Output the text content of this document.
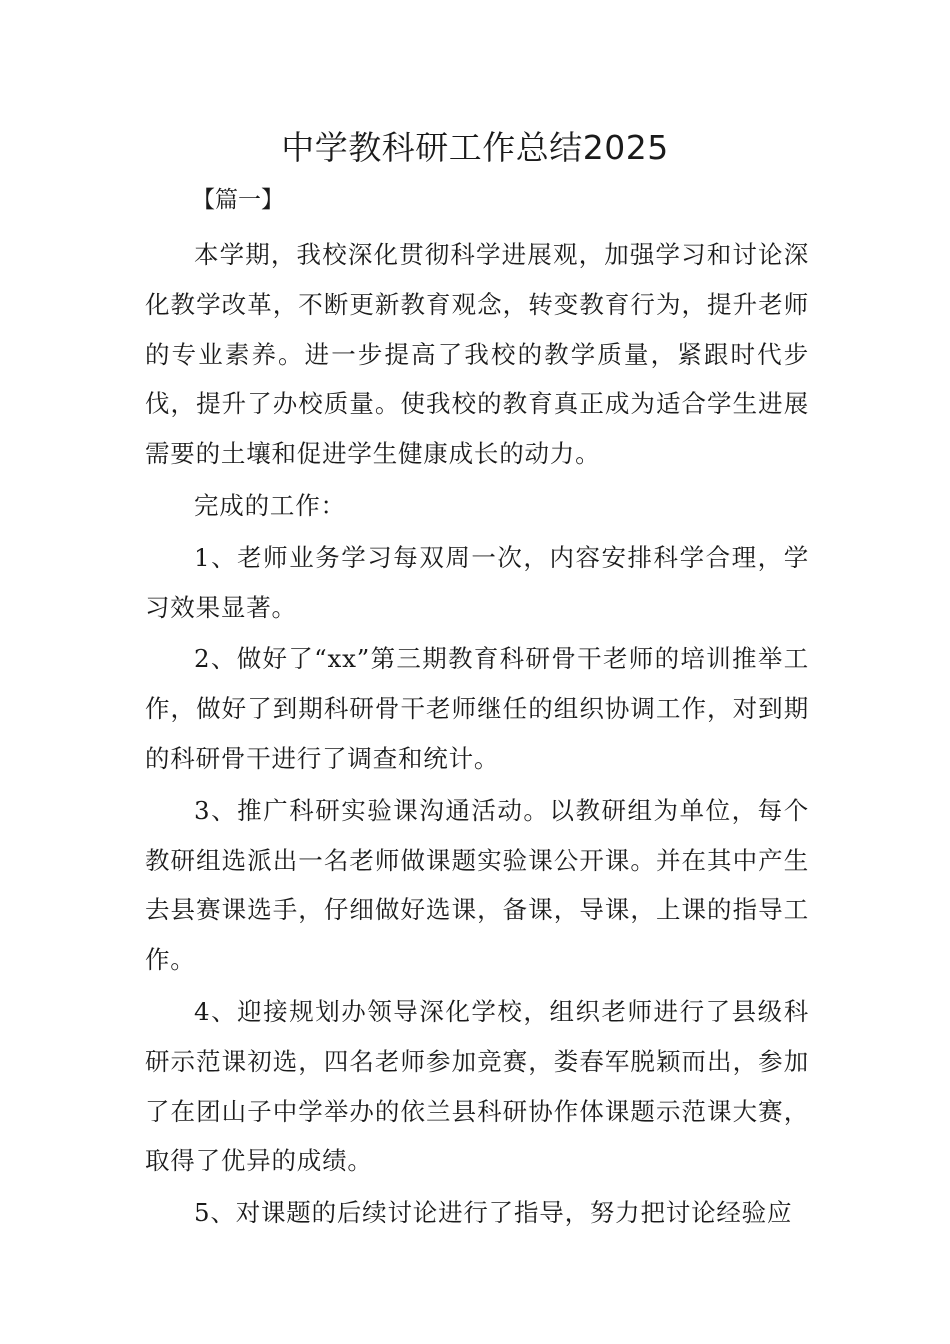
中学教科研工作总结2025
【篇一】

本学期，我校深化贯彻科学进展观，加强学习和讨论深化教学改革，不断更新教育观念，转变教育行为，提升老师的专业素养。进一步提高了我校的教学质量，紧跟时代步伐，提升了办校质量。使我校的教育真正成为适合学生进展需要的土壤和促进学生健康成长的动力。

完成的工作：

1、老师业务学习每双周一次，内容安排科学合理，学习效果显著。

2、做好了“xx”第三期教育科研骨干老师的培训推举工作，做好了到期科研骨干老师继任的组织协调工作，对到期的科研骨干进行了调查和统计。

3、推广科研实验课沟通活动。以教研组为单位，每个教研组选派出一名老师做课题实验课公开课。并在其中产生去县赛课选手，仔细做好选课，备课，导课，上课的指导工作。

4、迎接规划办领导深化学校，组织老师进行了县级科研示范课初选，四名老师参加竞赛，娄春军脱颖而出，参加了在团山子中学举办的依兰县科研协作体课题示范课大赛，取得了优异的成绩。

5、对课题的后续讨论进行了指导，努力把讨论经验应
